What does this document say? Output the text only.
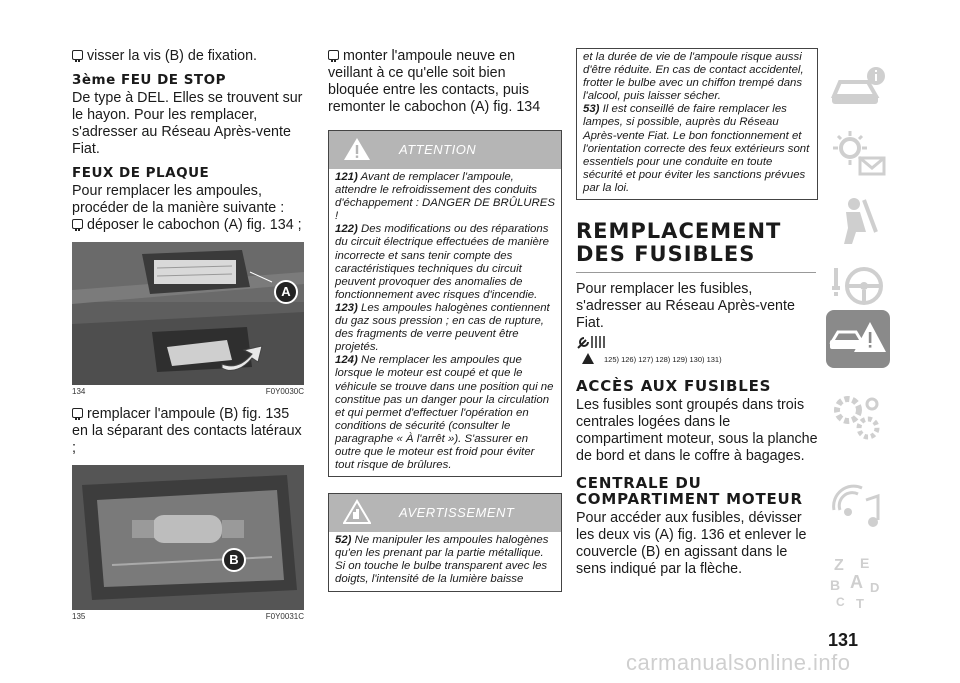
visser la vis (B) de fixation.

3ème FEU DE STOP

De type à DEL. Elles se trouvent sur le hayon. Pour les remplacer, s'adresser au Réseau Après-vente Fiat.

FEUX DE PLAQUE

Pour remplacer les ampoules, procéder de la manière suivante :

déposer le cabochon (A) fig. 134 ;

A
134	F0Y0030C

remplacer l'ampoule (B) fig. 135 en la séparant des contacts latéraux ;

B
135	F0Y0031C

monter l'ampoule neuve en veillant à ce qu'elle soit bien bloquée entre les contacts, puis remonter le cabochon (A) fig. 134

ATTENTION

121) Avant de remplacer l'ampoule, attendre le refroidissement des conduits d'échappement : DANGER DE BRÛLURES !

122) Des modifications ou des réparations du circuit électrique effectuées de manière incorrecte et sans tenir compte des caractéristiques techniques du circuit peuvent provoquer des anomalies de fonctionnement avec risques d'incendie.

123) Les ampoules halogènes contiennent du gaz sous pression ; en cas de rupture, des fragments de verre peuvent être projetés.

124) Ne remplacer les ampoules que lorsque le moteur est coupé et que le véhicule se trouve dans une position qui ne constitue pas un danger pour la circulation et qui permet d'effectuer l'opération en conditions de sécurité (consulter le paragraphe « À l'arrêt »). S'assurer en outre que le moteur est froid pour éviter tout risque de brûlures.

AVERTISSEMENT

52) Ne manipuler les ampoules halogènes qu'en les prenant par la partie métallique. Si on touche le bulbe transparent avec les doigts, l'intensité de la lumière baisse

et la durée de vie de l'ampoule risque aussi d'être réduite. En cas de contact accidentel, frotter le bulbe avec un chiffon trempé dans l'alcool, puis laisser sécher.

53) Il est conseillé de faire remplacer les lampes, si possible, auprès du Réseau Après-vente Fiat. Le bon fonctionnement et l'orientation correcte des feux extérieurs sont essentiels pour une conduite en toute sécurité et pour éviter les sanctions prévues par la loi.

REMPLACEMENT
DES FUSIBLES

Pour remplacer les fusibles, s'adresser au Réseau Après-vente Fiat.

125) 126) 127) 128) 129) 130) 131)
ACCÈS AUX FUSIBLES

Les fusibles sont groupés dans trois centrales logées dans le compartiment moteur, sous la planche de bord et dans le coffre à bagages.

CENTRALE DU COMPARTIMENT MOTEUR

Pour accéder aux fusibles, dévisser les deux vis (A) fig. 136 et enlever le couvercle (B) en agissant dans le sens indiqué par la flèche.	Z E
B A
C
D
T
131
carmanualsonline.info
